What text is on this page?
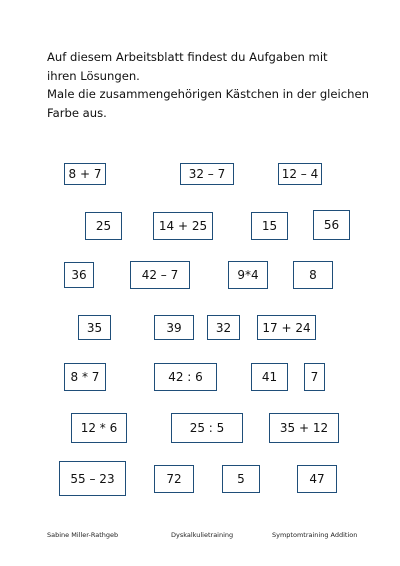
Auf diesem Arbeitsblatt findest du Aufgaben mit

ihren Lösungen.

Male die zusammengehörigen Kästchen in der gleichen

Farbe aus.

8 + 7	32 – 7	12 – 4
25	14 + 25	15	56
36	42 – 7	9*4	8
35	39	32	17 + 24
8 * 7	42 : 6	41	7
12 * 6	25 : 5	35 + 12
55 – 23	72	5	47
Sabine Miller-Rathgeb	Dyskalkulietraining	Symptomtraining Addition
